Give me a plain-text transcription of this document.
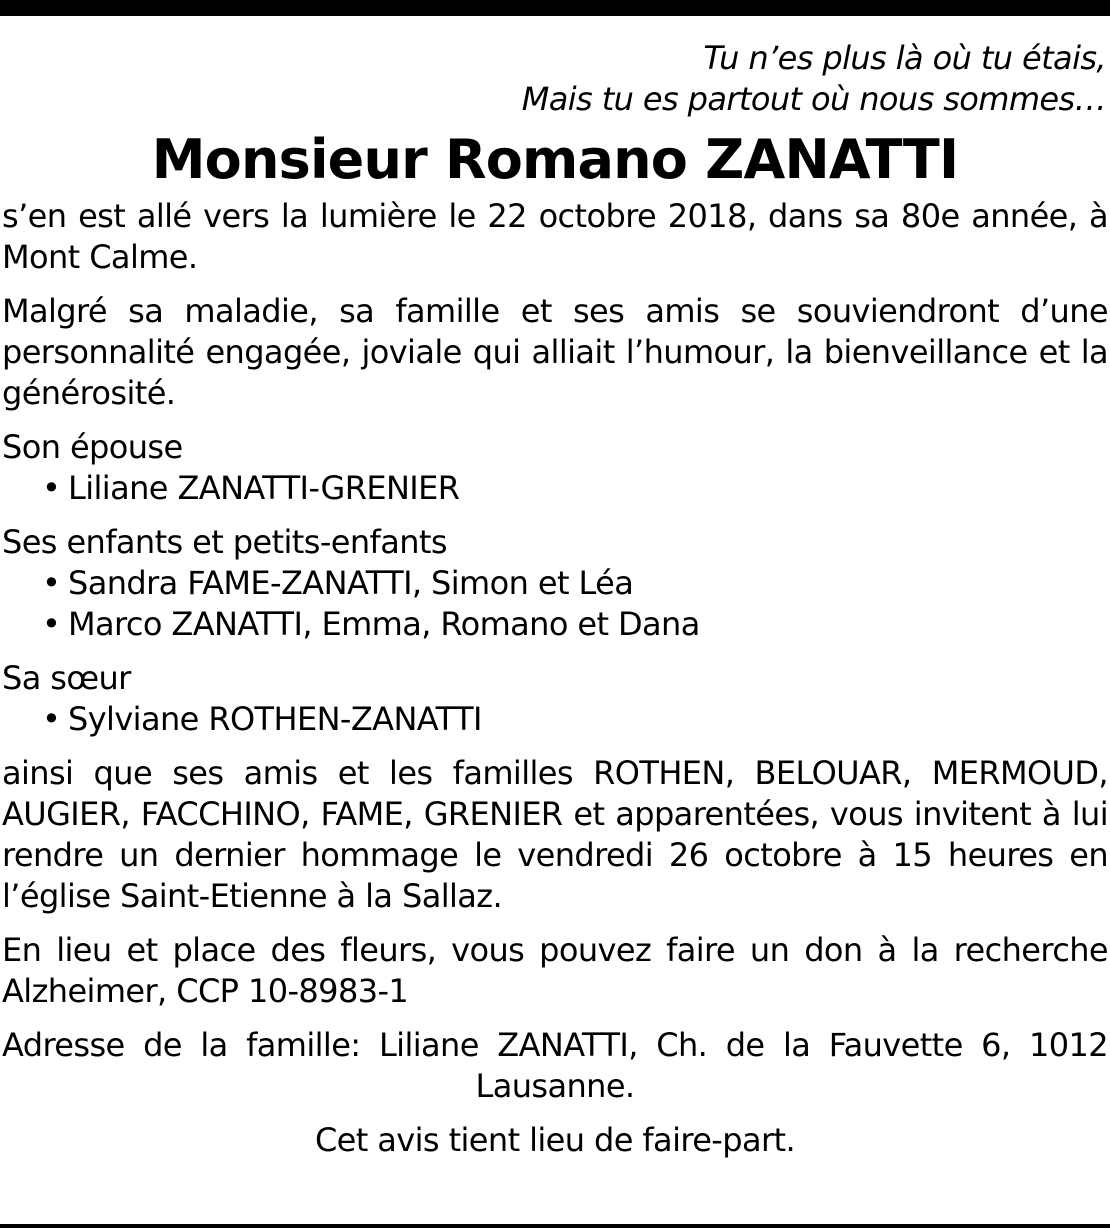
Tu n’es plus là où tu étais,
Mais tu es partout où nous sommes…
Monsieur Romano ZANATTI

s’en est allé vers la lumière le 22 octobre 2018, dans sa 80e année, à Mont Calme.

Malgré sa maladie, sa famille et ses amis se souviendront d’une personnalité engagée, joviale qui alliait l’humour, la bienveillance et la générosité.

Son épouse
• Liliane ZANATTI-GRENIER
Ses enfants et petits-enfants
• Sandra FAME-ZANATTI, Simon et Léa
• Marco ZANATTI, Emma, Romano et Dana
Sa sœur
• Sylviane ROTHEN-ZANATTI

ainsi que ses amis et les familles ROTHEN, BELOUAR, MERMOUD, AUGIER, FACCHINO, FAME, GRENIER et apparentées, vous invitent à lui rendre un dernier hommage le vendredi 26 octobre à 15 heures en l’église Saint-Etienne à la Sallaz.

En lieu et place des fleurs, vous pouvez faire un don à la recherche Alzheimer, CCP 10-8983-1

Adresse de la famille: Liliane ZANATTI, Ch. de la Fauvette 6, 1012 Lausanne.
Cet avis tient lieu de faire-part.
